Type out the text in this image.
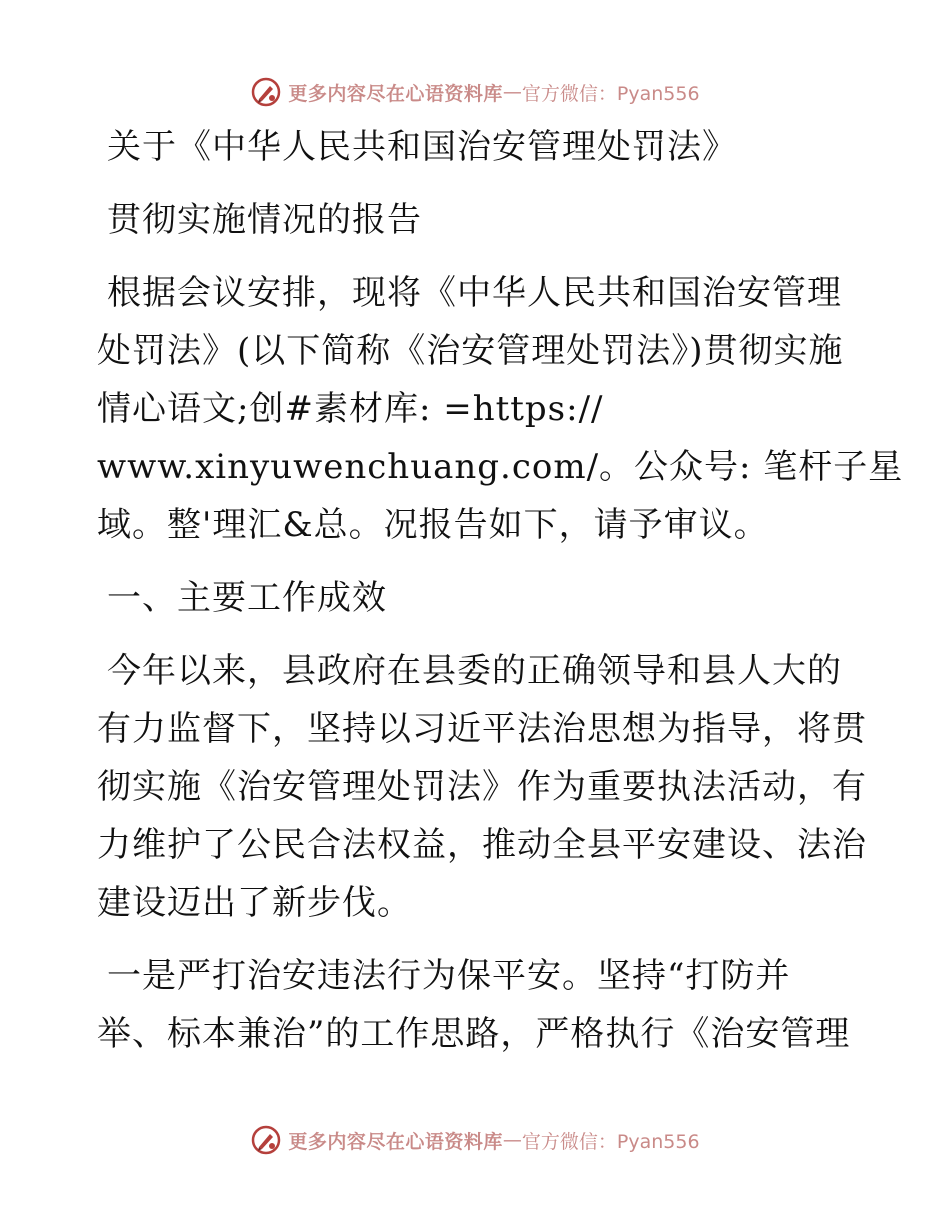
更多内容尽在心语资料库 — 官方微信：Pyan556
关于《中华人民共和国治安管理处罚法》
贯彻实施情况的报告
根据会议安排，现将《中华人民共和国治安管理
处罚法》(以下简称《治安管理处罚法》)贯彻实施
情心语文;创#素材库: =https://
www.xinyuwenchuang.com/。公众号: 笔杆子星
域。整'理汇&总。况报告如下，请予审议。
一、主要工作成效
今年以来，县政府在县委的正确领导和县人大的
有力监督下，坚持以习近平法治思想为指导，将贯
彻实施《治安管理处罚法》作为重要执法活动，有
力维护了公民合法权益，推动全县平安建设、法治
建设迈出了新步伐。
一是严打治安违法行为保平安。坚持“打防并
举、标本兼治”的工作思路，严格执行《治安管理
更多内容尽在心语资料库 — 官方微信：Pyan556
